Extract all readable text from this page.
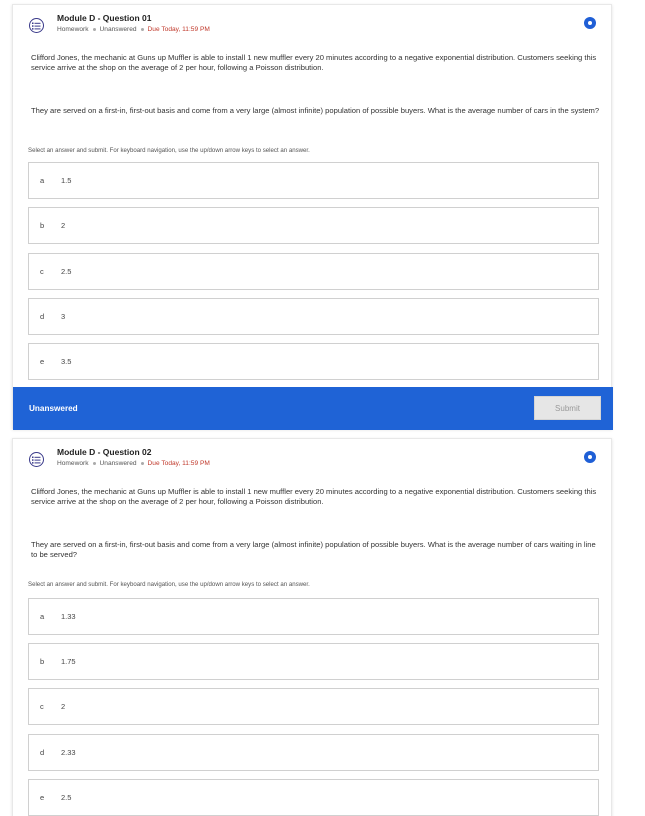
Module D - Question 01
Homework Unanswered Due Today, 11:59 PM
Clifford Jones, the mechanic at Guns up Muffler is able to install 1 new muffler every 20 minutes according to a negative exponential distribution. Customers seeking this service arrive at the shop on the average of 2 per hour, following a Poisson distribution.
They are served on a first-in, first-out basis and come from a very large (almost infinite) population of possible buyers. What is the average number of cars in the system?
Select an answer and submit. For keyboard navigation, use the up/down arrow keys to select an answer.
a 1.5
b 2
c 2.5
d 3
e 3.5
Unanswered	Submit
Module D - Question 02
Homework Unanswered Due Today, 11:59 PM
Clifford Jones, the mechanic at Guns up Muffler is able to install 1 new muffler every 20 minutes according to a negative exponential distribution. Customers seeking this service arrive at the shop on the average of 2 per hour, following a Poisson distribution.
They are served on a first-in, first-out basis and come from a very large (almost infinite) population of possible buyers. What is the average number of cars waiting in line to be served?
Select an answer and submit. For keyboard navigation, use the up/down arrow keys to select an answer.
a 1.33
b 1.75
c 2
d 2.33
e 2.5
